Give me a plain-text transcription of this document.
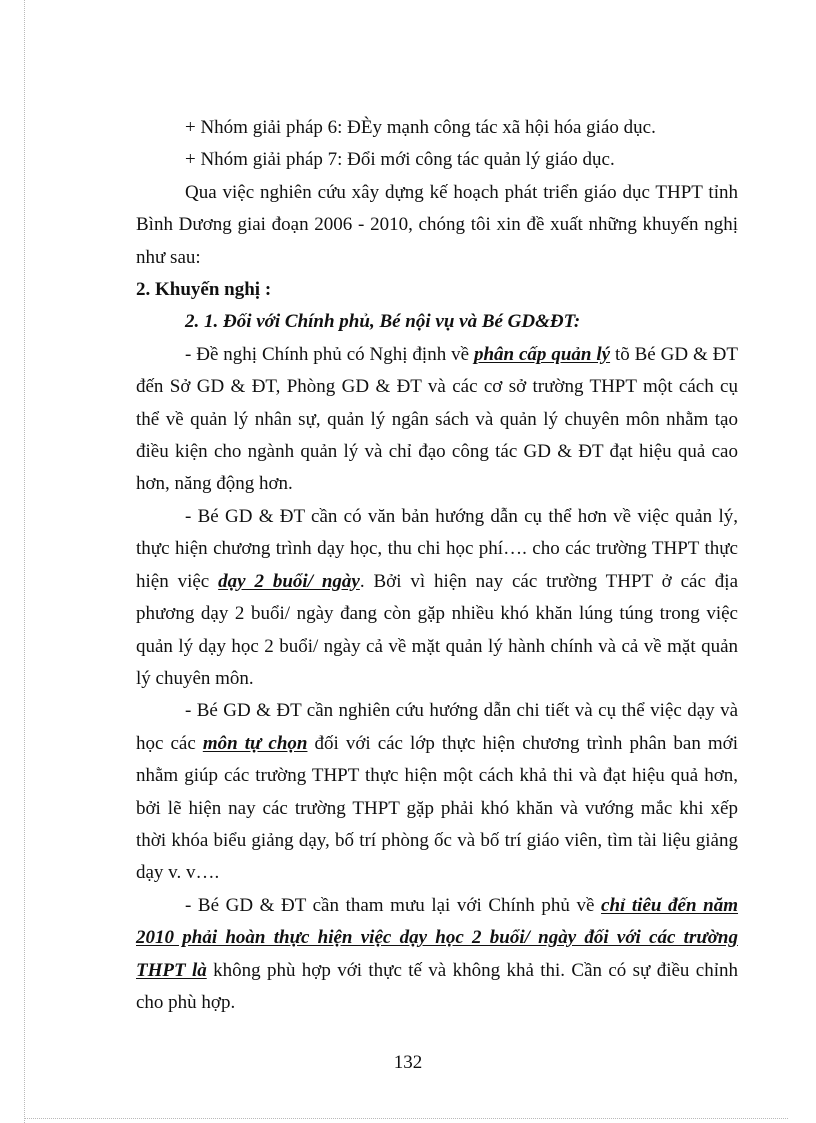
+ Nhóm giải pháp 6: ĐÈy mạnh công tác xã hội hóa giáo dục.

+ Nhóm giải pháp 7: Đổi mới công tác quản lý giáo dục.

Qua việc nghiên cứu xây dựng kế hoạch phát triển giáo dục THPT tỉnh Bình Dương giai đoạn 2006 - 2010, chóng tôi xin đề xuất những khuyến nghị như sau:

2. Khuyến nghị :

2. 1. Đối với Chính phủ, Bé nội vụ và Bé GD&ĐT:

- Đề nghị Chính phủ có Nghị định về phân cấp quản lý tõ Bé GD & ĐT đến Sở GD & ĐT, Phòng GD & ĐT và các cơ sở trường THPT một cách cụ thể về quản lý nhân sự, quản lý ngân sách và quản lý chuyên môn nhằm tạo điều kiện cho ngành quản lý và chỉ đạo công tác GD & ĐT đạt hiệu quả cao hơn, năng động hơn.

- Bé GD & ĐT cần có văn bản hướng dẫn cụ thể hơn về việc quản lý, thực hiện chương trình dạy học, thu chi học phí…. cho các trường THPT thực hiện việc dạy 2 buổi/ ngày. Bởi vì hiện nay các trường THPT ở các địa phương dạy 2 buổi/ ngày đang còn gặp nhiều khó khăn lúng túng trong việc quản lý dạy học 2 buổi/ ngày cả về mặt quản lý hành chính và cả về mặt quản lý chuyên môn.

- Bé GD & ĐT cần nghiên cứu hướng dẫn chi tiết và cụ thể việc dạy và học các môn tự chọn đối với các lớp thực hiện chương trình phân ban mới nhằm giúp các trường THPT thực hiện một cách khả thi và đạt hiệu quả hơn, bởi lẽ hiện nay các trường THPT gặp phải khó khăn và vướng mắc khi xếp thời khóa biểu giảng dạy, bố trí phòng ốc và bố trí giáo viên, tìm tài liệu giảng dạy v. v….

- Bé GD & ĐT cần tham mưu lại với Chính phủ về chỉ tiêu đến năm 2010 phải hoàn thực hiện việc dạy học 2 buổi/ ngày đối với các trường THPT là không phù hợp với thực tế và không khả thi. Cần có sự điều chỉnh cho phù hợp.

132
